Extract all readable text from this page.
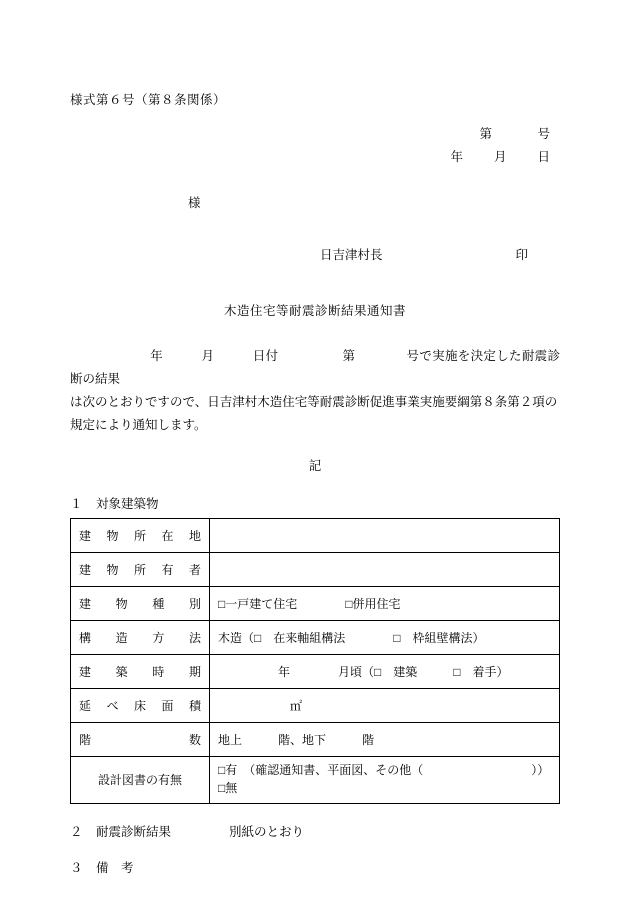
様式第６号（第８条関係）
第　　　号
年　　月　　日
様
日吉津村長	印
木造住宅等耐震診断結果通知書
年　　　月　　　日付　　　　　第　　　　号で実施を決定した耐震診断の結果
は次のとおりですので、日吉津村木造住宅等耐震診断促進事業実施要綱第８条第２項の
規定により通知します。
記
１ 対象建築物
建物所在地	
建物所有者	
建物種別	□一戸建て住宅　　　　□併用住宅
構造方法	木造（□　在来軸組構法　　　　□　枠組壁構法）
建築時期	年　　　　月頃（□　建築　　　□　着手）
延べ床面積	㎡
階数	地上　　　階、地下　　　階
設計図書の有無	□有　（確認通知書、平面図、その他（　　　　　　　　　））
□無
２ 耐震診断結果	別紙のとおり
３ 備　考
